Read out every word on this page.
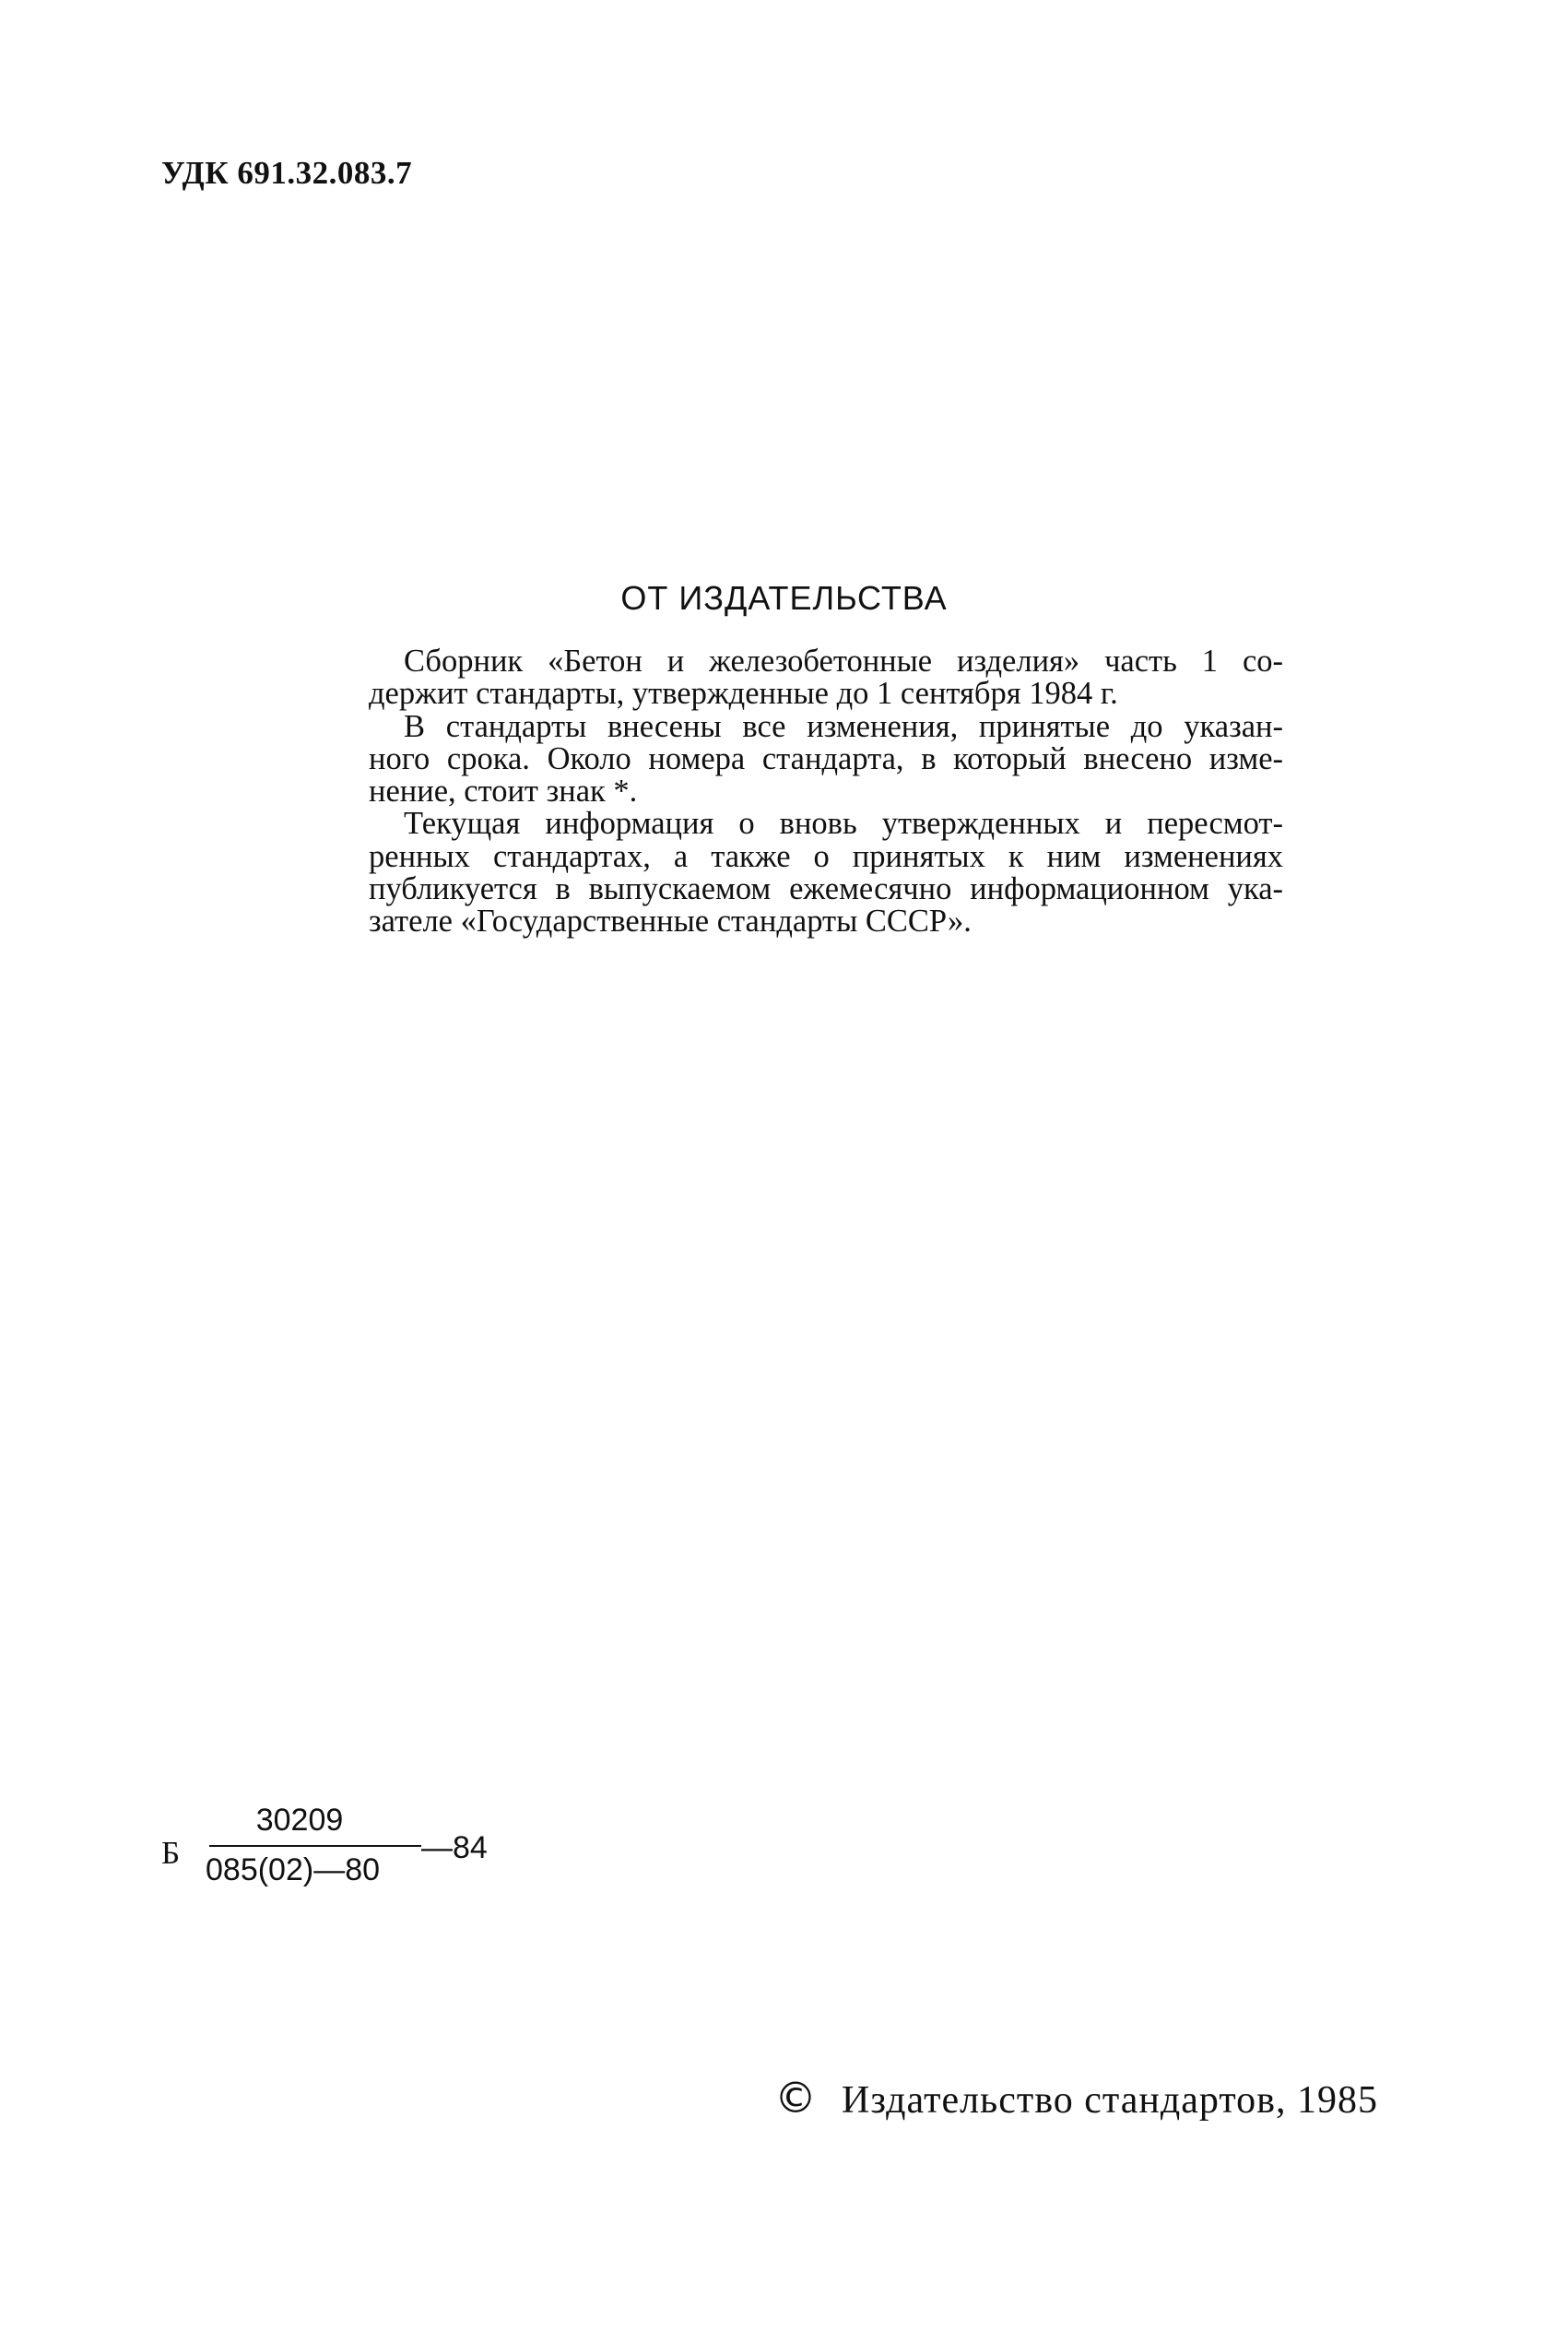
УДК 691.32.083.7
ОТ ИЗДАТЕЛЬСТВА

Сборник «Бетон и железобетонные изделия» часть 1 со-
держит стандарты, утвержденные до 1 сентября 1984 г.

В стандарты внесены все изменения, принятые до указан-
ного срока. Около номера стандарта, в который внесено изме-
нение, стоит знак *.

Текущая информация о вновь утвержденных и пересмот-
ренных стандартах, а также о принятых к ним изменениях
публикуется в выпускаемом ежемесячно информационном ука-
зателе «Государственные стандарты СССР».

Б
30209
085(02)—80
—84
© Издательство стандартов, 1985
